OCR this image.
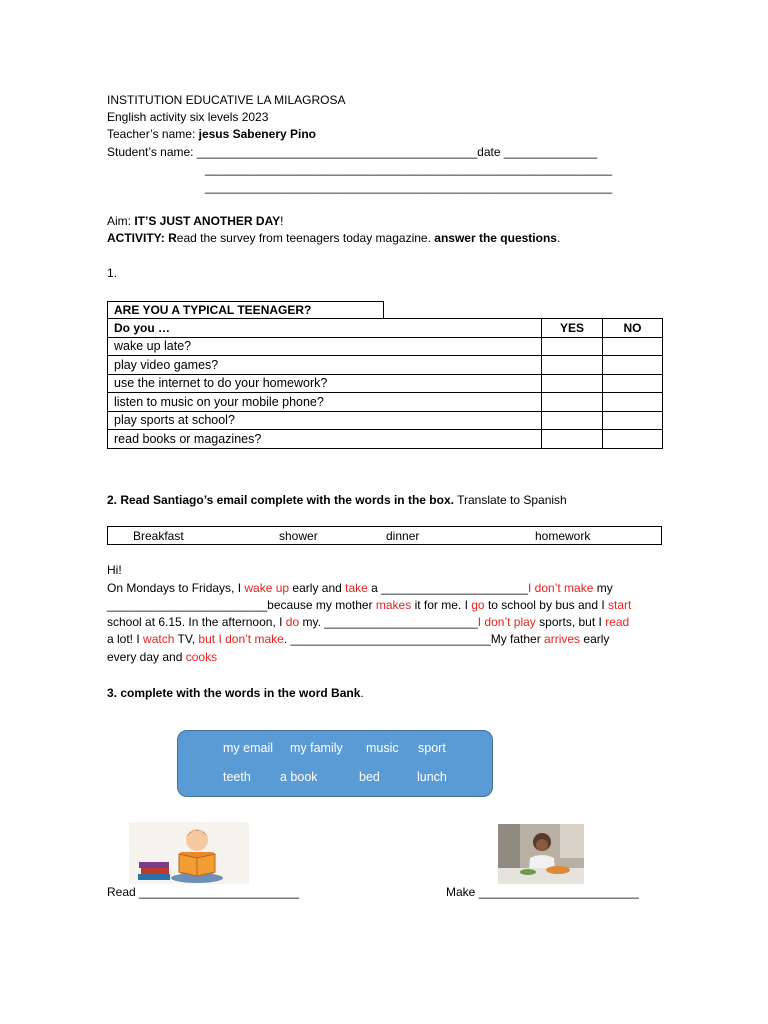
INSTITUTION EDUCATIVE LA MILAGROSA
English activity six levels 2023
Teacher’s name: jesus Sabenery Pino
Student’s name: __________________________________________date ______________
_____________________________________________________________
_____________________________________________________________
Aim: IT’S JUST ANOTHER DAY!
ACTIVITY: Read the survey from teenagers today magazine. answer the questions.
1.
ARE YOU A TYPICAL TEENAGER?
Do you …	YES	NO
wake up late?		
play video games?		
use the internet to do your homework?		
listen to music on your mobile phone?		
play sports at school?		
read books or magazines?		
2. Read Santiago’s email complete with the words in the box. Translate to Spanish
Breakfast	shower	dinner	homework
Hi!
On Mondays to Fridays, I wake up early and take a ______________________I don’t make my
________________________because my mother makes it for me. I go to school by bus and I start
school at 6.15. In the afternoon, I do my. _______________________I don’t play sports, but I read
a lot! I watch TV, but I don’t make. ______________________________My father arrives early
every day and cooks
3. complete with the words in the word Bank.
my email my family music sport
teeth a book	bed	lunch
Read ________________________	Make ________________________
